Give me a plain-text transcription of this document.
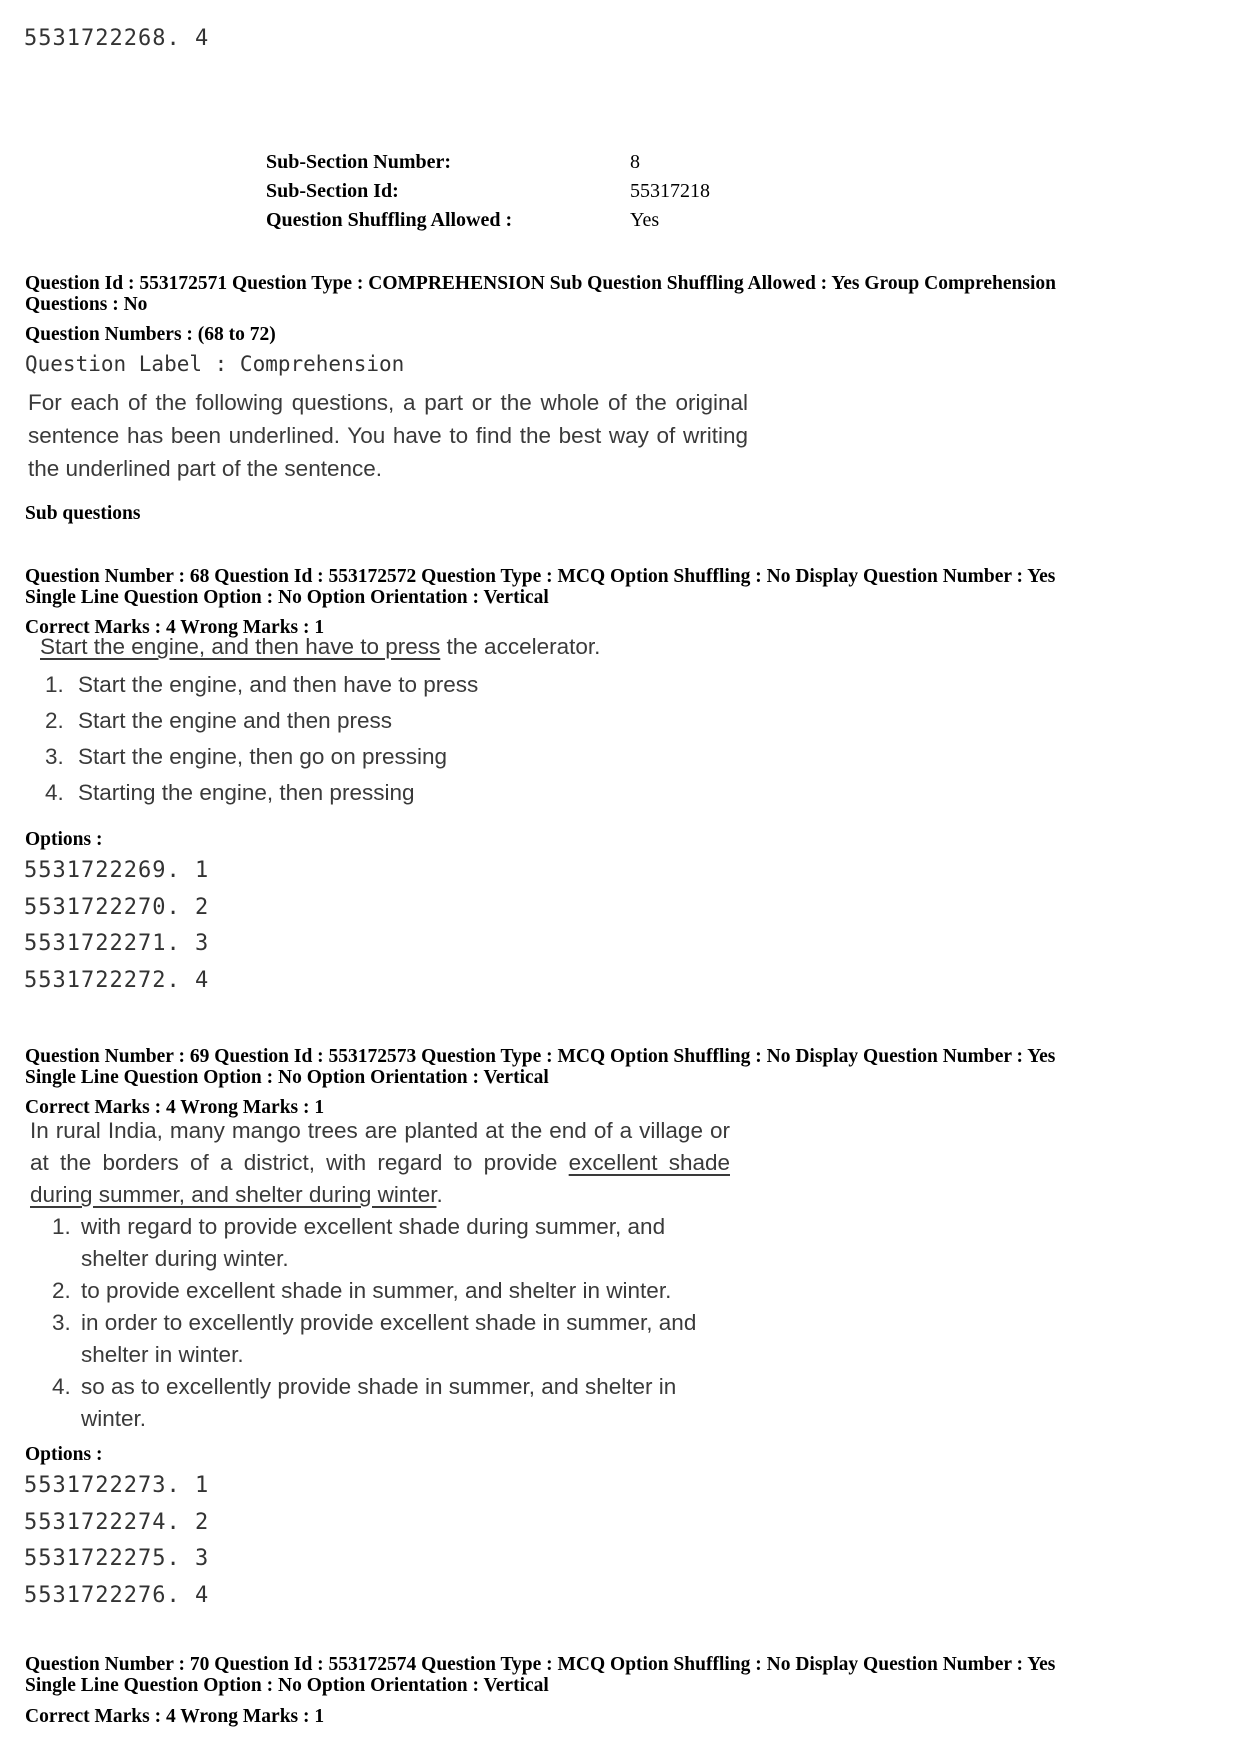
5531722268. 4
Sub-Section Number:	8
Sub-Section Id:	55317218
Question Shuffling Allowed :	Yes
Question Id : 553172571 Question Type : COMPREHENSION Sub Question Shuffling Allowed : Yes Group Comprehension
Questions : No
Question Numbers : (68 to 72)
Question Label : Comprehension
For each of the following questions, a part or the whole of the original sentence has been underlined. You have to find the best way of writing the underlined part of the sentence.
Sub questions
Question Number : 68 Question Id : 553172572 Question Type : MCQ Option Shuffling : No Display Question Number : Yes
Single Line Question Option : No Option Orientation : Vertical
Correct Marks : 4 Wrong Marks : 1
Start the engine, and then have to press the accelerator.
1. Start the engine, and then have to press
2. Start the engine and then press
3. Start the engine, then go on pressing
4. Starting the engine, then pressing
Options :
5531722269. 1
5531722270. 2
5531722271. 3
5531722272. 4
Question Number : 69 Question Id : 553172573 Question Type : MCQ Option Shuffling : No Display Question Number : Yes
Single Line Question Option : No Option Orientation : Vertical
Correct Marks : 4 Wrong Marks : 1
In rural India, many mango trees are planted at the end of a village or at the borders of a district, with regard to provide excellent shade during summer, and shelter during winter.
1. with regard to provide excellent shade during summer, and shelter during winter.
2. to provide excellent shade in summer, and shelter in winter.
3. in order to excellently provide excellent shade in summer, and shelter in winter.
4. so as to excellently provide shade in summer, and shelter in winter.
Options :
5531722273. 1
5531722274. 2
5531722275. 3
5531722276. 4
Question Number : 70 Question Id : 553172574 Question Type : MCQ Option Shuffling : No Display Question Number : Yes
Single Line Question Option : No Option Orientation : Vertical
Correct Marks : 4 Wrong Marks : 1
